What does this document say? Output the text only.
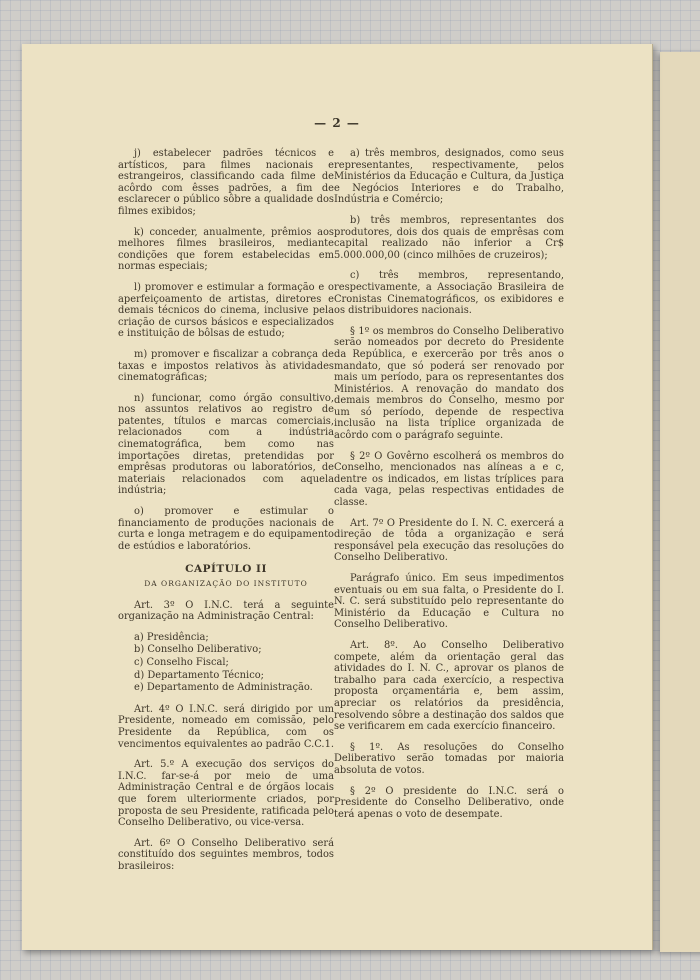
— 2 —

j) estabelecer padrões técnicos e artísticos, para filmes nacionais e estrangeiros, classificando cada filme de acôrdo com êsses padrões, a fim de esclarecer o público sôbre a qualidade dos filmes exibidos;

k) conceder, anualmente, prêmios aos melhores filmes brasileiros, mediante condições que forem estabelecidas em normas especiais;

l) promover e estimular a formação e o aperfeiçoamento de artistas, diretores e demais técnicos do cinema, inclusive pela criação de cursos básicos e especializados e instituição de bôlsas de estudo;

m) promover e fiscalizar a cobrança de taxas e impostos relativos às atividades cinematográficas;

n) funcionar, como órgão consultivo, nos assuntos relativos ao registro de patentes, títulos e marcas comerciais, relacionados com a indústria cinematográfica, bem como nas importações diretas, pretendidas por emprêsas produtoras ou laboratórios, de materiais relacionados com aquela indústria;

o) promover e estimular o financiamento de produções nacionais de curta e longa metragem e do equipamento de estúdios e laboratórios.

CAPÍTULO II
DA ORGANIZAÇÃO DO INSTITUTO

Art. 3º O I.N.C. terá a seguinte organização na Administração Central:

a) Presidência;
b) Conselho Deliberativo;
c) Conselho Fiscal;
d) Departamento Técnico;
e) Departamento de Administração.

Art. 4º O I.N.C. será dirigido por um Presidente, nomeado em comissão, pelo Presidente da República, com os vencimentos equivalentes ao padrão C.C.1.

Art. 5.º A execução dos serviços do I.N.C. far-se-á por meio de uma Administração Central e de órgãos locais que forem ulteriormente criados, por proposta de seu Presidente, ratificada pelo Conselho Deliberativo, ou vice-versa.

Art. 6º O Conselho Deliberativo será constituído dos seguintes membros, todos brasileiros:

a) três membros, designados, como seus representantes, respectivamente, pelos Ministérios da Educação e Cultura, da Justiça e Negócios Interiores e do Trabalho, Indústria e Comércio;

b) três membros, representantes dos produtores, dois dos quais de emprêsas com capital realizado não inferior a Cr$ 5.000.000,00 (cinco milhões de cruzeiros);

c) três membros, representando, respectivamente, a Associação Brasileira de Cronistas Cinematográficos, os exibidores e os distribuidores nacionais.

§ 1º os membros do Conselho Deliberativo serão nomeados por decreto do Presidente da República, e exercerão por três anos o mandato, que só poderá ser renovado por mais um período, para os representantes dos Ministérios. A renovação do mandato dos demais membros do Conselho, mesmo por um só período, depende de respectiva inclusão na lista tríplice organizada de acôrdo com o parágrafo seguinte.

§ 2º O Govêrno escolherá os membros do Conselho, mencionados nas alíneas a e c, dentre os indicados, em listas tríplices para cada vaga, pelas respectivas entidades de classe.

Art. 7º O Presidente do I. N. C. exercerá a direção de tôda a organização e será responsável pela execução das resoluções do Conselho Deliberativo.

Parágrafo único. Em seus impedimentos eventuais ou em sua falta, o Presidente do I. N. C. será substituído pelo representante do Ministério da Educação e Cultura no Conselho Deliberativo.

Art. 8º. Ao Conselho Deliberativo compete, além da orientação geral das atividades do I. N. C., aprovar os planos de trabalho para cada exercício, a respectiva proposta orçamentária e, bem assim, apreciar os relatórios da presidência, resolvendo sôbre a destinação dos saldos que se verificarem em cada exercício financeiro.

§ 1º. As resoluções do Conselho Deliberativo serão tomadas por maioria absoluta de votos.

§ 2º O presidente do I.N.C. será o Presidente do Conselho Deliberativo, onde terá apenas o voto de desempate.
